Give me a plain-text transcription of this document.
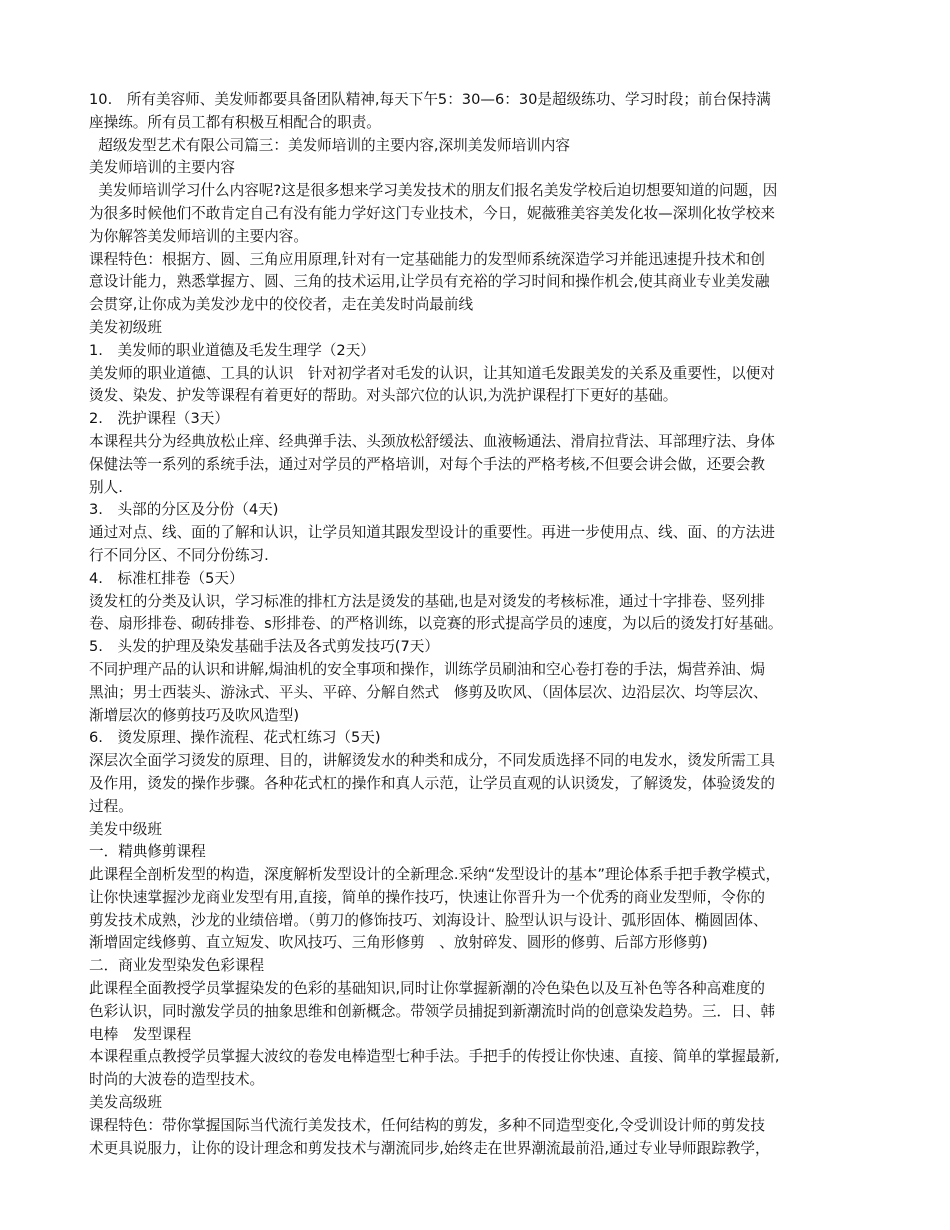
10.　所有美容师、美发师都要具备团队精神,每天下午5：30—6：30是超级练功、学习时段；前台保持满
座操练。所有员工都有积极互相配合的职责。
超级发型艺术有限公司篇三：美发师培训的主要内容,深圳美发师培训内容
美发师培训的主要内容
美发师培训学习什么内容呢?这是很多想来学习美发技术的朋友们报名美发学校后迫切想要知道的问题，因
为很多时候他们不敢肯定自己有没有能力学好这门专业技术，今日，妮薇雅美容美发化妆—深圳化妆学校来
为你解答美发师培训的主要内容。
课程特色：根据方、圆、三角应用原理,针对有一定基础能力的发型师系统深造学习并能迅速提升技术和创
意设计能力，熟悉掌握方、圆、三角的技术运用,让学员有充裕的学习时间和操作机会,使其商业专业美发融
会贯穿,让你成为美发沙龙中的佼佼者，走在美发时尚最前线
美发初级班
1.　美发师的职业道德及毛发生理学（2天）
美发师的职业道德、工具的认识　针对初学者对毛发的认识，让其知道毛发跟美发的关系及重要性，以便对
烫发、染发、护发等课程有着更好的帮助。对头部穴位的认识,为洗护课程打下更好的基础。
2.　洗护课程（3天）
本课程共分为经典放松止痒、经典弹手法、头颈放松舒缓法、血液畅通法、滑肩拉背法、耳部理疗法、身体
保健法等一系列的系统手法，通过对学员的严格培训，对每个手法的严格考核,不但要会讲会做，还要会教
别人.
3.　头部的分区及分份（4天)
通过对点、线、面的了解和认识，让学员知道其跟发型设计的重要性。再进一步使用点、线、面、的方法进
行不同分区、不同分份练习.
4.　标准杠排卷（5天）
烫发杠的分类及认识，学习标准的排杠方法是烫发的基础,也是对烫发的考核标准，通过十字排卷、竖列排
卷、扇形排卷、砌砖排卷、s形排卷、的严格训练，以竞赛的形式提高学员的速度，为以后的烫发打好基础。
5.　头发的护理及染发基础手法及各式剪发技巧(7天）
不同护理产品的认识和讲解,焗油机的安全事项和操作，训练学员刷油和空心卷打卷的手法，焗营养油、焗
黑油；男士西装头、游泳式、平头、平碎、分解自然式　修剪及吹风、（固体层次、边沿层次、均等层次、
渐增层次的修剪技巧及吹风造型)
6.　烫发原理、操作流程、花式杠练习（5天)
深层次全面学习烫发的原理、目的，讲解烫发水的种类和成分，不同发质选择不同的电发水，烫发所需工具
及作用，烫发的操作步骤。各种花式杠的操作和真人示范，让学员直观的认识烫发，了解烫发，体验烫发的
过程。
美发中级班
一．精典修剪课程
此课程全剖析发型的构造，深度解析发型设计的全新理念.采纳“发型设计的基本”理论体系手把手教学模式，
让你快速掌握沙龙商业发型有用,直接，简单的操作技巧，快速让你晋升为一个优秀的商业发型师，令你的
剪发技术成熟，沙龙的业绩倍增。（剪刀的修饰技巧、刘海设计、脸型认识与设计、弧形固体、椭圆固体、
渐增固定线修剪、直立短发、吹风技巧、三角形修剪　、放射碎发、圆形的修剪、后部方形修剪)
二．商业发型染发色彩课程
此课程全面教授学员掌握染发的色彩的基础知识,同时让你掌握新潮的冷色染色以及互补色等各种高难度的
色彩认识，同时激发学员的抽象思维和创新概念。带领学员捕捉到新潮流时尚的创意染发趋势。三．日、韩
电棒　发型课程
本课程重点教授学员掌握大波纹的卷发电棒造型七种手法。手把手的传授让你快速、直接、简单的掌握最新,
时尚的大波卷的造型技术。
美发高级班
课程特色：带你掌握国际当代流行美发技术，任何结构的剪发，多种不同造型变化,令受训设计师的剪发技
术更具说服力，让你的设计理念和剪发技术与潮流同步,始终走在世界潮流最前沿,通过专业导师跟踪教学，
